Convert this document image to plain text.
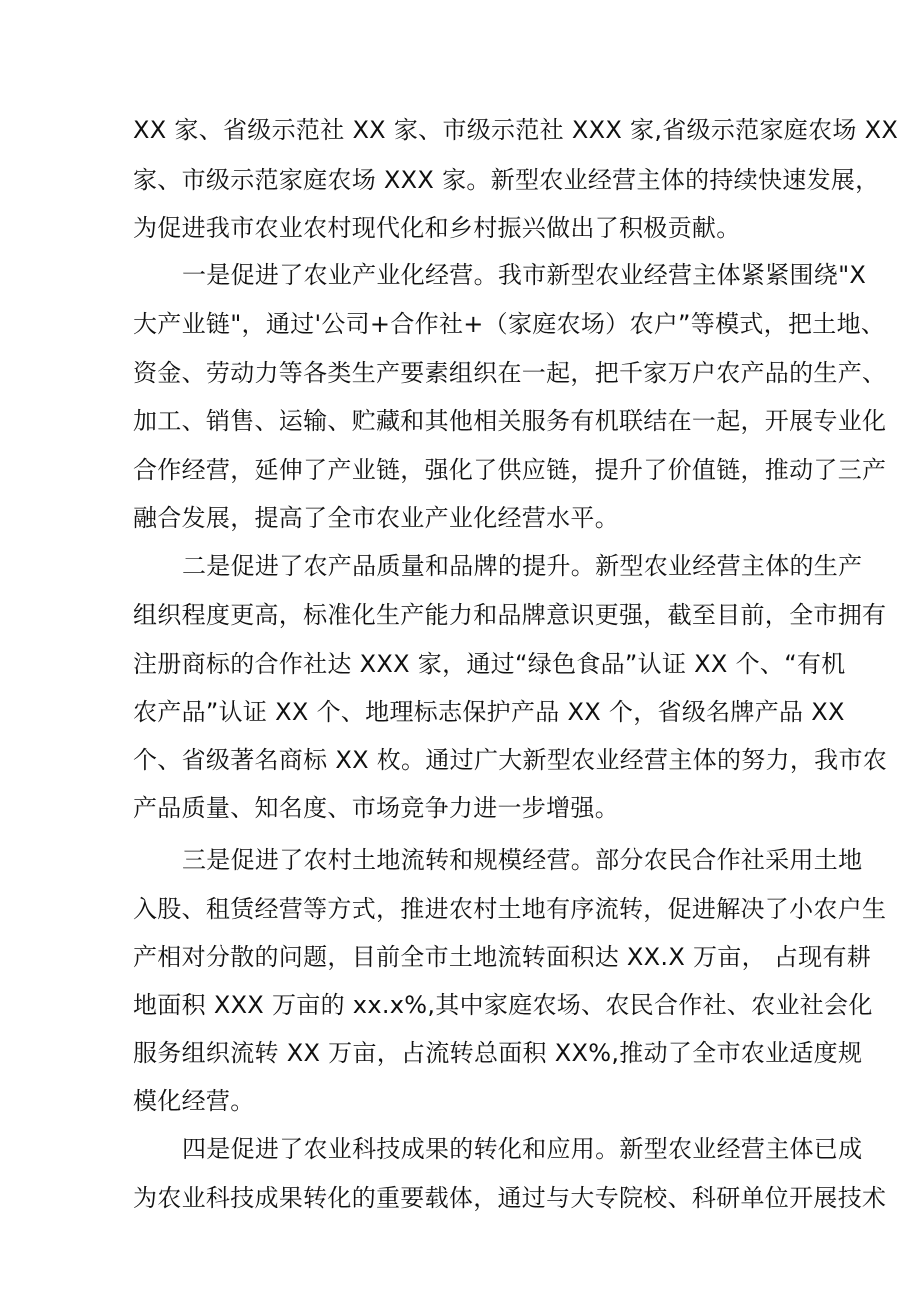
XX 家、省级示范社 XX 家、市级示范社 XXX 家,省级示范家庭农场 XX
家、市级示范家庭农场 XXX 家。新型农业经营主体的持续快速发展，
为促进我市农业农村现代化和乡村振兴做出了积极贡献。
一是促进了农业产业化经营。我市新型农业经营主体紧紧围绕"X
大产业链"，通过'公司+合作社+（家庭农场）农户”等模式，把土地、
资金、劳动力等各类生产要素组织在一起，把千家万户农产品的生产、
加工、销售、运输、贮藏和其他相关服务有机联结在一起，开展专业化
合作经营，延伸了产业链，强化了供应链，提升了价值链，推动了三产
融合发展，提高了全市农业产业化经营水平。
二是促进了农产品质量和品牌的提升。新型农业经营主体的生产
组织程度更高，标准化生产能力和品牌意识更强，截至目前，全市拥有
注册商标的合作社达 XXX 家，通过“绿色食品”认证 XX 个、“有机
农产品”认证 XX 个、地理标志保护产品 XX 个，省级名牌产品 XX
个、省级著名商标 XX 枚。通过广大新型农业经营主体的努力，我市农
产品质量、知名度、市场竞争力进一步增强。
三是促进了农村土地流转和规模经营。部分农民合作社采用土地
入股、租赁经营等方式，推进农村土地有序流转，促进解决了小农户生
产相对分散的问题，目前全市土地流转面积达 XX.X 万亩， 占现有耕
地面积 XXX 万亩的 xx.x%,其中家庭农场、农民合作社、农业社会化
服务组织流转 XX 万亩，占流转总面积 XX%,推动了全市农业适度规
模化经营。
四是促进了农业科技成果的转化和应用。新型农业经营主体已成
为农业科技成果转化的重要载体，通过与大专院校、科研单位开展技术
